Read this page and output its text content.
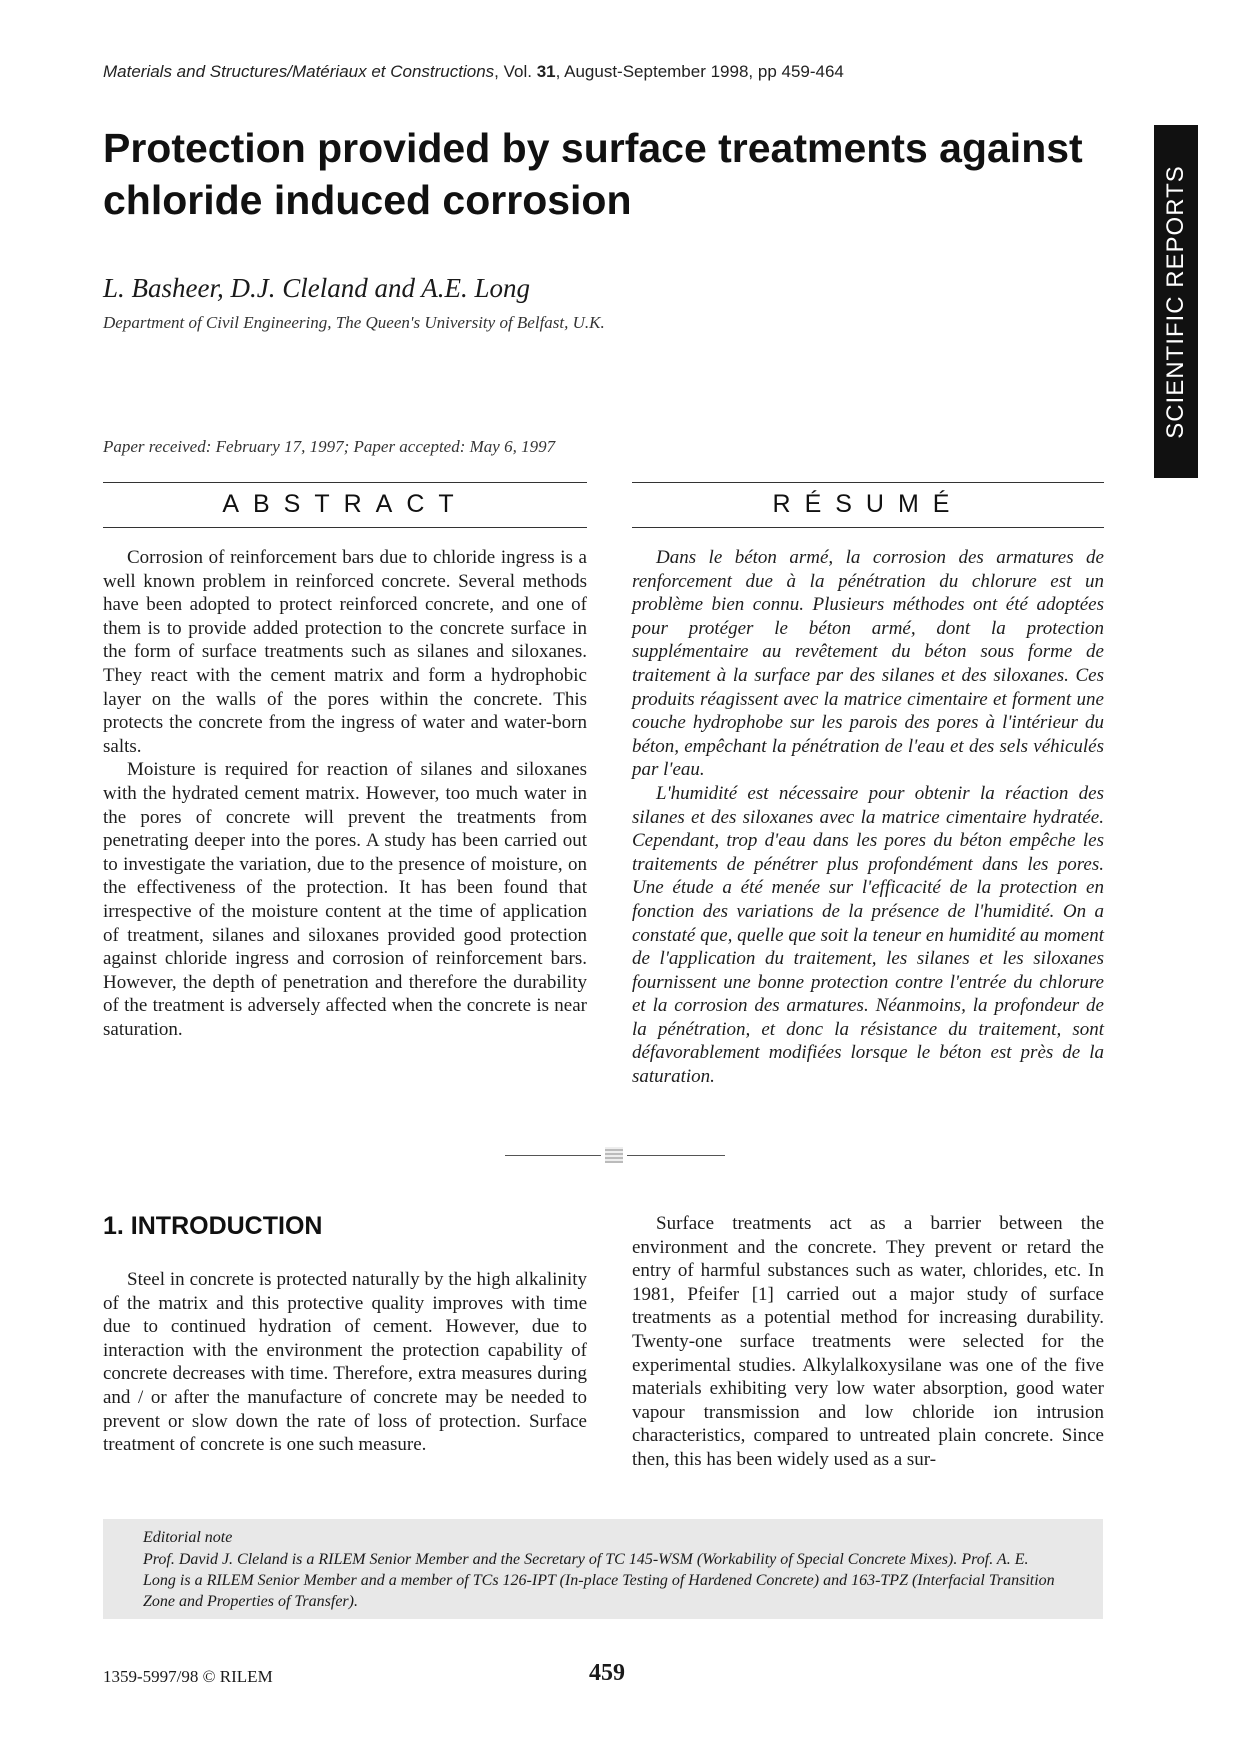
Materials and Structures/Matériaux et Constructions, Vol. 31, August-September 1998, pp 459-464
SCIENTIFIC REPORTS
Protection provided by surface treatments against
chloride induced corrosion
L. Basheer, D.J. Cleland and A.E. Long
Department of Civil Engineering, The Queen's University of Belfast, U.K.
Paper received: February 17, 1997; Paper accepted: May 6, 1997
ABSTRACT

Corrosion of reinforcement bars due to chloride ingress is a well known problem in reinforced concrete. Several methods have been adopted to protect reinforced concrete, and one of them is to provide added protection to the concrete surface in the form of surface treatments such as silanes and siloxanes. They react with the cement matrix and form a hydrophobic layer on the walls of the pores within the concrete. This protects the concrete from the ingress of water and water-born salts.

Moisture is required for reaction of silanes and siloxanes with the hydrated cement matrix. However, too much water in the pores of concrete will prevent the treatments from penetrating deeper into the pores. A study has been carried out to investigate the variation, due to the presence of moisture, on the effectiveness of the protection. It has been found that irrespective of the moisture content at the time of application of treatment, silanes and siloxanes provided good protection against chloride ingress and corrosion of reinforcement bars. However, the depth of penetration and therefore the durability of the treatment is adversely affected when the concrete is near saturation.

RÉSUMÉ

Dans le béton armé, la corrosion des armatures de renforcement due à la pénétration du chlorure est un problème bien connu. Plusieurs méthodes ont été adoptées pour protéger le béton armé, dont la protection supplémentaire au revêtement du béton sous forme de traitement à la surface par des silanes et des siloxanes. Ces produits réagissent avec la matrice cimentaire et forment une couche hydrophobe sur les parois des pores à l'intérieur du béton, empêchant la pénétration de l'eau et des sels véhiculés par l'eau.

L'humidité est nécessaire pour obtenir la réaction des silanes et des siloxanes avec la matrice cimentaire hydratée. Cependant, trop d'eau dans les pores du béton empêche les traitements de pénétrer plus profondément dans les pores. Une étude a été menée sur l'efficacité de la protection en fonction des variations de la présence de l'humidité. On a constaté que, quelle que soit la teneur en humidité au moment de l'application du traitement, les silanes et les siloxanes fournissent une bonne protection contre l'entrée du chlorure et la corrosion des armatures. Néanmoins, la profondeur de la pénétration, et donc la résistance du traitement, sont défavorablement modifiées lorsque le béton est près de la saturation.

1. INTRODUCTION

Steel in concrete is protected naturally by the high alkalinity of the matrix and this protective quality improves with time due to continued hydration of cement. However, due to interaction with the environment the protection capability of concrete decreases with time. Therefore, extra measures during and / or after the manufacture of concrete may be needed to prevent or slow down the rate of loss of protection. Surface treatment of concrete is one such measure.

Surface treatments act as a barrier between the environment and the concrete. They prevent or retard the entry of harmful substances such as water, chlorides, etc. In 1981, Pfeifer [1] carried out a major study of surface treatments as a potential method for increasing durability. Twenty-one surface treatments were selected for the experimental studies. Alkylalkoxysilane was one of the five materials exhibiting very low water absorption, good water vapour transmission and low chloride ion intrusion characteristics, compared to untreated plain concrete. Since then, this has been widely used as a sur-

Editorial note
Prof. David J. Cleland is a RILEM Senior Member and the Secretary of TC 145-WSM (Workability of Special Concrete Mixes). Prof. A. E. Long is a RILEM Senior Member and a member of TCs 126-IPT (In-place Testing of Hardened Concrete) and 163-TPZ (Interfacial Transition Zone and Properties of Transfer).
1359-5997/98 © RILEM	459
